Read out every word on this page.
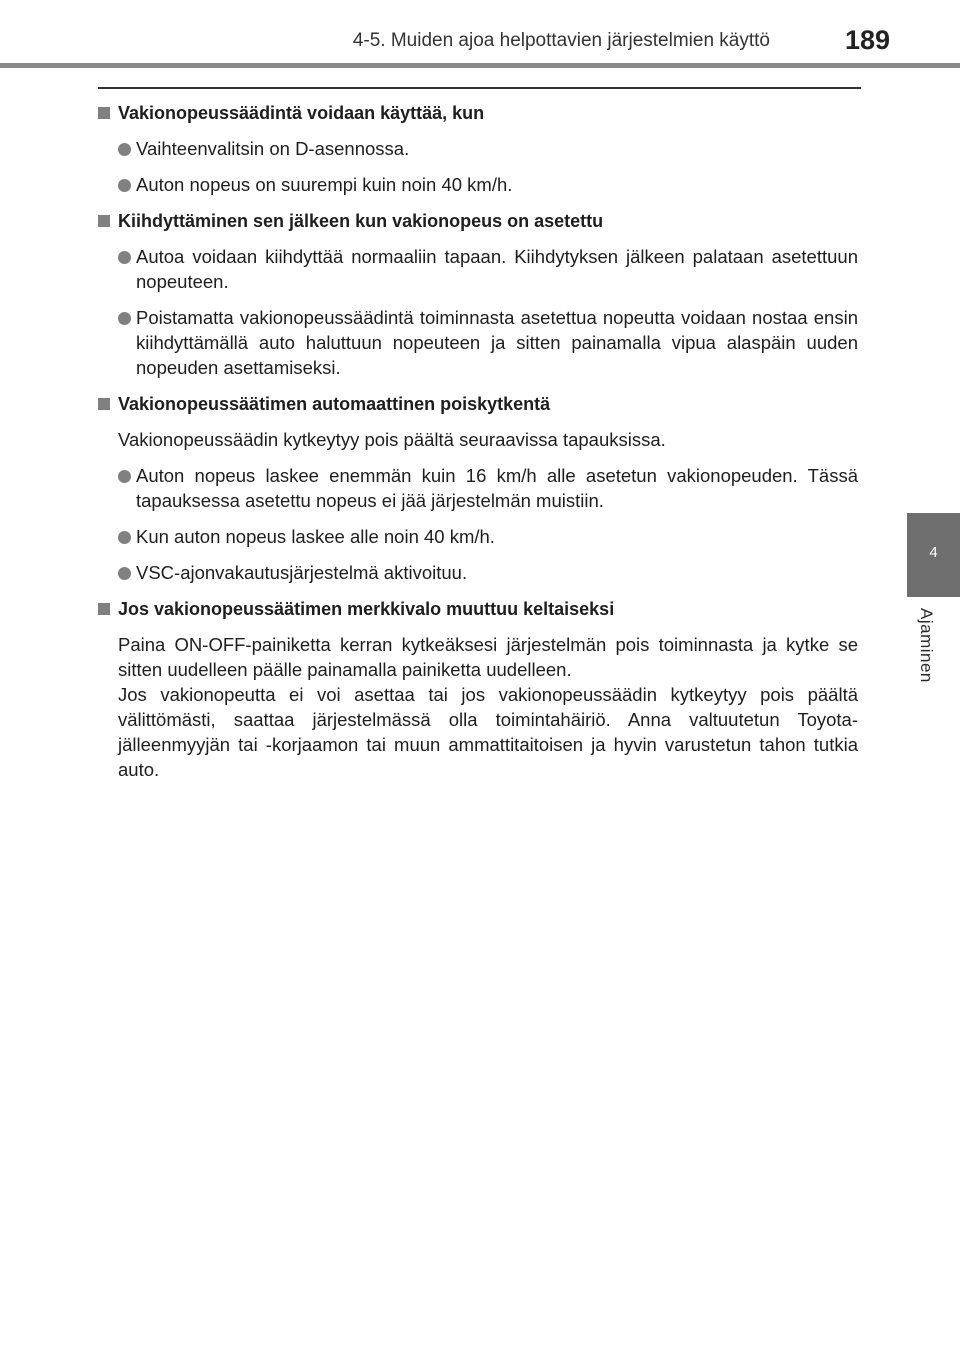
4-5. Muiden ajoa helpottavien järjestelmien käyttö	189
4
Ajaminen
Vakionopeussäädintä voidaan käyttää, kun
Vaihteenvalitsin on D-asennossa.
Auton nopeus on suurempi kuin noin 40 km/h.
Kiihdyttäminen sen jälkeen kun vakionopeus on asetettu
Autoa voidaan kiihdyttää normaaliin tapaan. Kiihdytyksen jälkeen palataan asetettuun nopeuteen.
Poistamatta vakionopeussäädintä toiminnasta asetettua nopeutta voidaan nostaa ensin kiihdyttämällä auto haluttuun nopeuteen ja sitten painamalla vipua alaspäin uuden nopeuden asettamiseksi.
Vakionopeussäätimen automaattinen poiskytkentä

Vakionopeussäädin kytkeytyy pois päältä seuraavissa tapauksissa.

Auton nopeus laskee enemmän kuin 16 km/h alle asetetun vakionopeuden. Tässä tapauksessa asetettu nopeus ei jää järjestelmän muistiin.
Kun auton nopeus laskee alle noin 40 km/h.
VSC-ajonvakautusjärjestelmä aktivoituu.
Jos vakionopeussäätimen merkkivalo muuttuu keltaiseksi

Paina ON-OFF-painiketta kerran kytkeäksesi järjestelmän pois toiminnasta ja kytke se sitten uudelleen päälle painamalla painiketta uudelleen.

Jos vakionopeutta ei voi asettaa tai jos vakionopeussäädin kytkeytyy pois päältä välittömästi, saattaa järjestelmässä olla toimintahäiriö. Anna valtuutetun Toyota-jälleenmyyjän tai -korjaamon tai muun ammattitaitoisen ja hyvin varustetun tahon tutkia auto.
